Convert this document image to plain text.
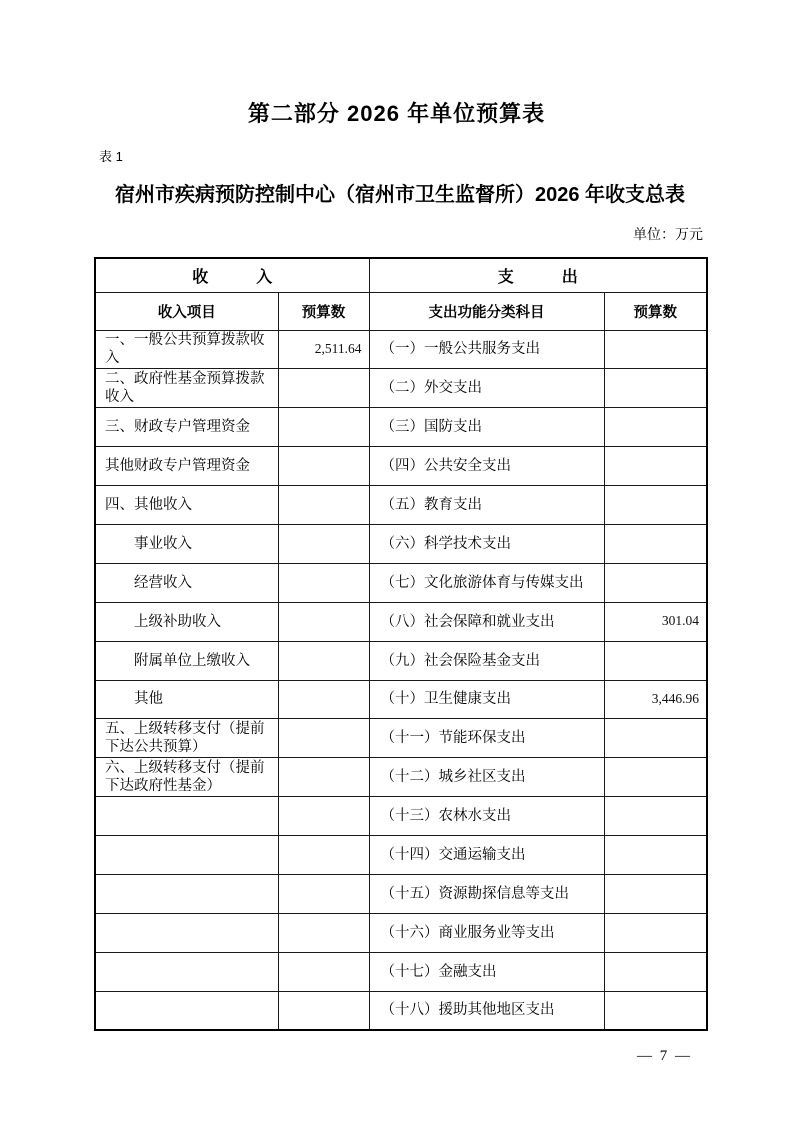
第二部分 2026 年单位预算表
表 1
宿州市疾病预防控制中心（宿州市卫生监督所）2026 年收支总表
单位：万元
收　　　入		支　　　出	
收入项目	预算数	支出功能分类科目	预算数
一、一般公共预算拨款收入	2,511.64	（一）一般公共服务支出	
二、政府性基金预算拨款收入		（二）外交支出	
三、财政专户管理资金		（三）国防支出	
其他财政专户管理资金		（四）公共安全支出	
四、其他收入		（五）教育支出	
事业收入		（六）科学技术支出	
经营收入		（七）文化旅游体育与传媒支出	
上级补助收入		（八）社会保障和就业支出	301.04
附属单位上缴收入		（九）社会保险基金支出	
其他		（十）卫生健康支出	3,446.96
五、上级转移支付（提前下达公共预算）		（十一）节能环保支出	
六、上级转移支付（提前下达政府性基金）		（十二）城乡社区支出	
		（十三）农林水支出	
		（十四）交通运输支出	
		（十五）资源勘探信息等支出	
		（十六）商业服务业等支出	
		（十七）金融支出	
		（十八）援助其他地区支出	
— 7 —
